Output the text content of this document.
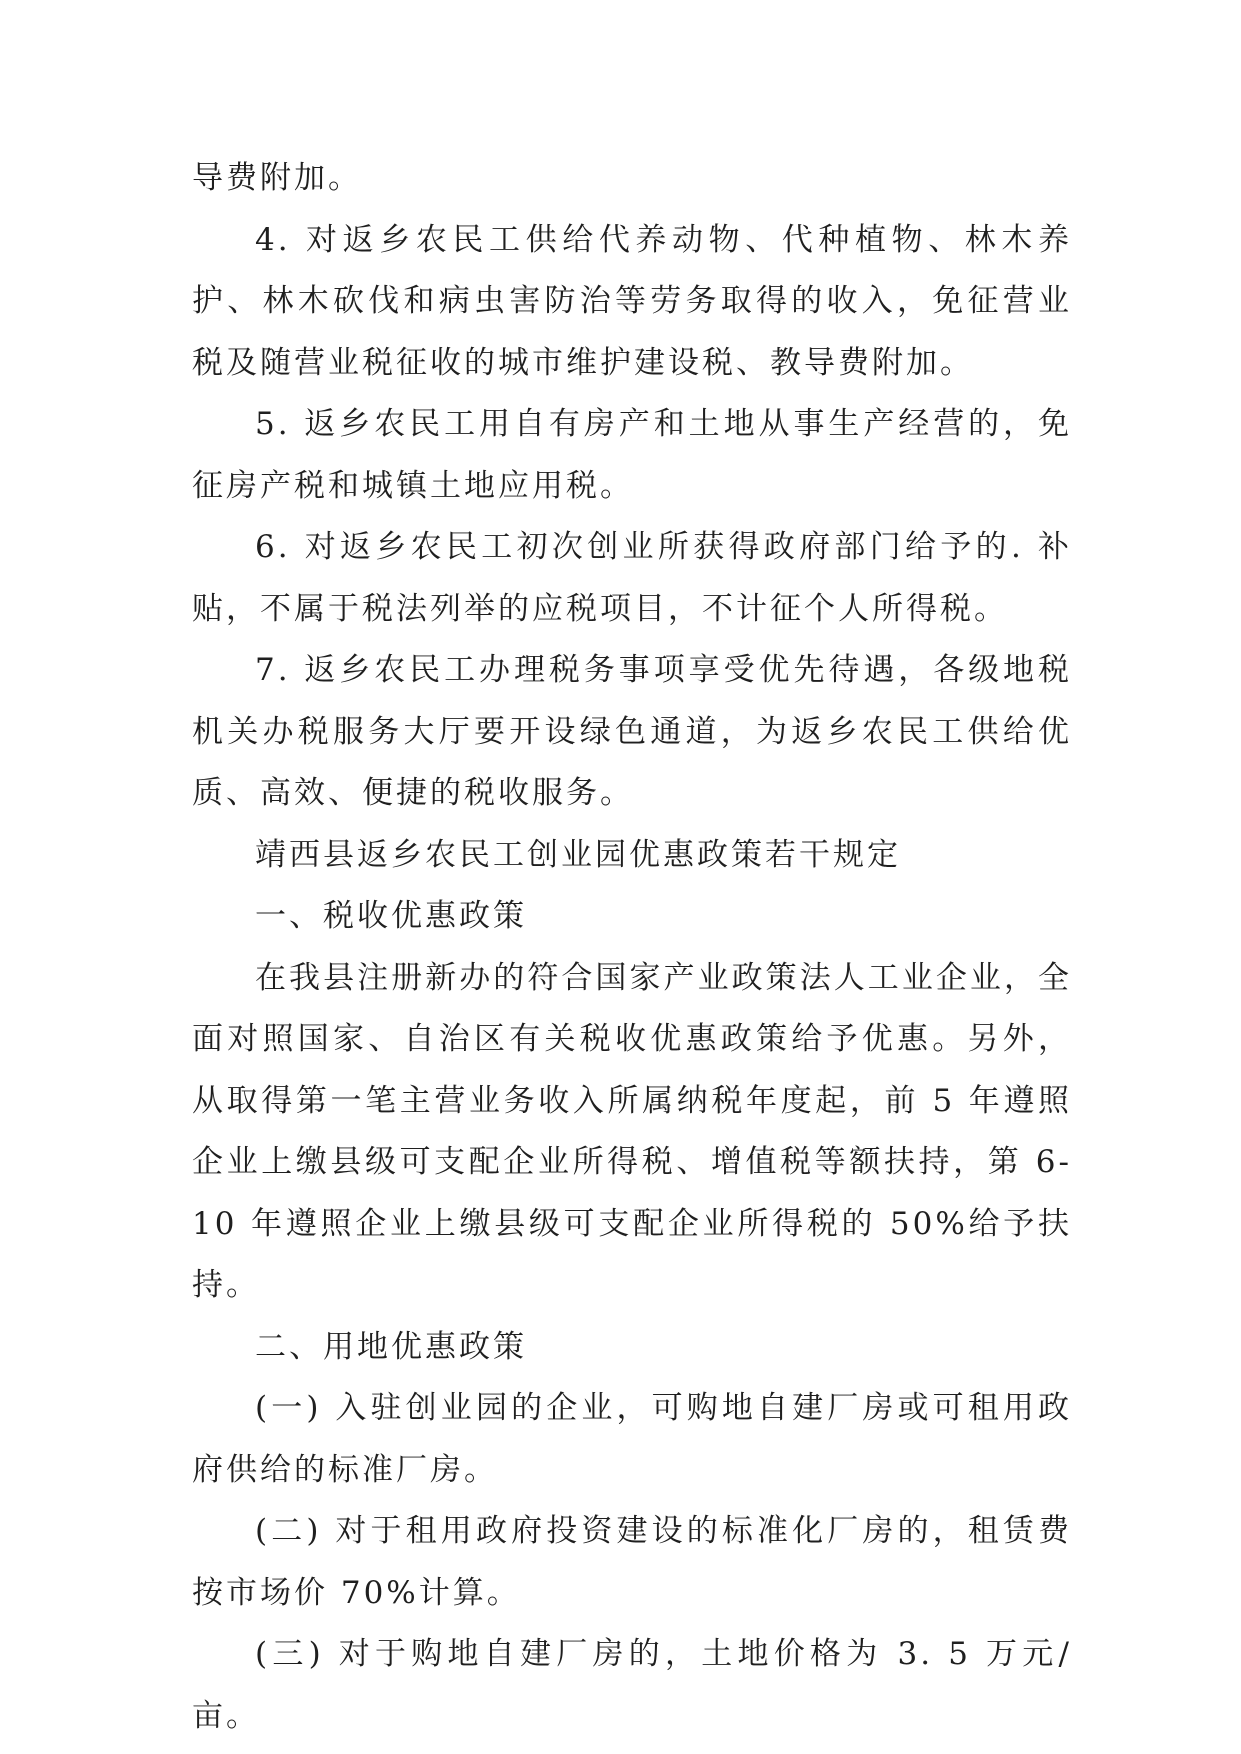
导费附加。

4. 对返乡农民工供给代养动物、代种植物、林木养护、林木砍伐和病虫害防治等劳务取得的收入，免征营业税及随营业税征收的城市维护建设税、教导费附加。

5. 返乡农民工用自有房产和土地从事生产经营的，免征房产税和城镇土地应用税。

6. 对返乡农民工初次创业所获得政府部门给予的. 补贴，不属于税法列举的应税项目，不计征个人所得税。

7. 返乡农民工办理税务事项享受优先待遇，各级地税机关办税服务大厅要开设绿色通道，为返乡农民工供给优质、高效、便捷的税收服务。

靖西县返乡农民工创业园优惠政策若干规定

一、税收优惠政策

在我县注册新办的符合国家产业政策法人工业企业，全面对照国家、自治区有关税收优惠政策给予优惠。另外，从取得第一笔主营业务收入所属纳税年度起，前 5 年遵照企业上缴县级可支配企业所得税、增值税等额扶持，第 6-10 年遵照企业上缴县级可支配企业所得税的 50%给予扶持。

二、用地优惠政策

(一) 入驻创业园的企业，可购地自建厂房或可租用政府供给的标准厂房。

(二) 对于租用政府投资建设的标准化厂房的，租赁费按市场价 70%计算。

(三) 对于购地自建厂房的，土地价格为 3. 5 万元/亩。
